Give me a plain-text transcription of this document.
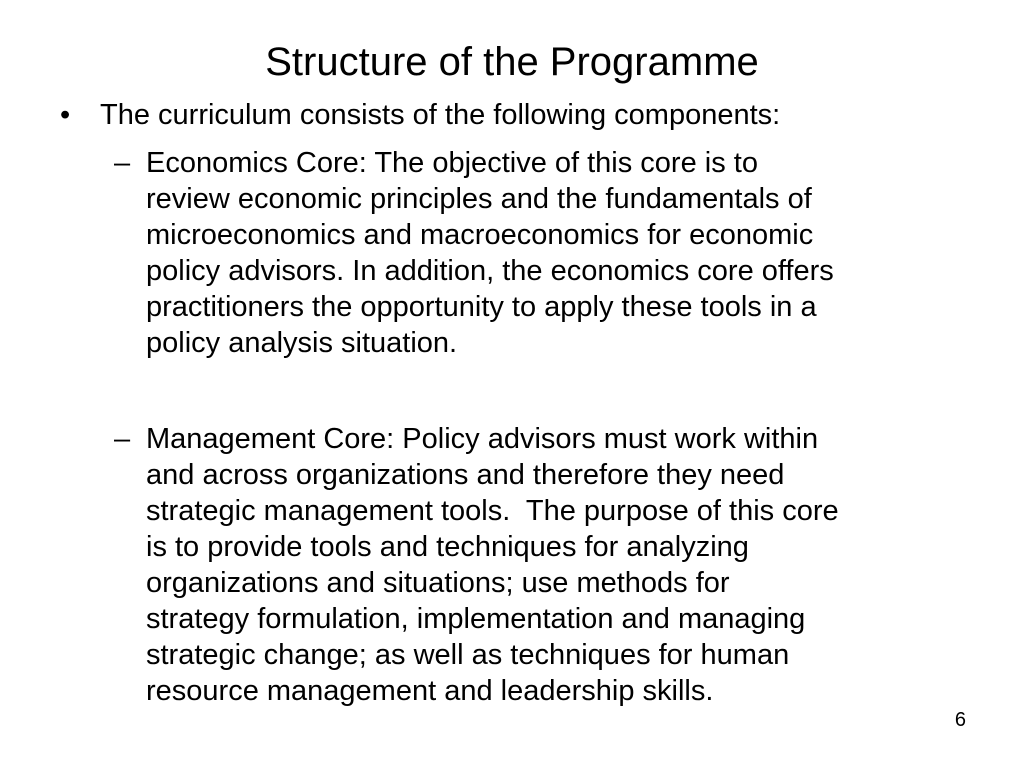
Structure of the Programme
• The curriculum consists of the following components:
– Economics Core: The objective of this core is to
review economic principles and the fundamentals of
microeconomics and macroeconomics for economic
policy advisors. In addition, the economics core offers
practitioners the opportunity to apply these tools in a
policy analysis situation.
– Management Core: Policy advisors must work within
and across organizations and therefore they need
strategic management tools.  The purpose of this core
is to provide tools and techniques for analyzing
organizations and situations; use methods for
strategy formulation, implementation and managing
strategic change; as well as techniques for human
resource management and leadership skills.
6
